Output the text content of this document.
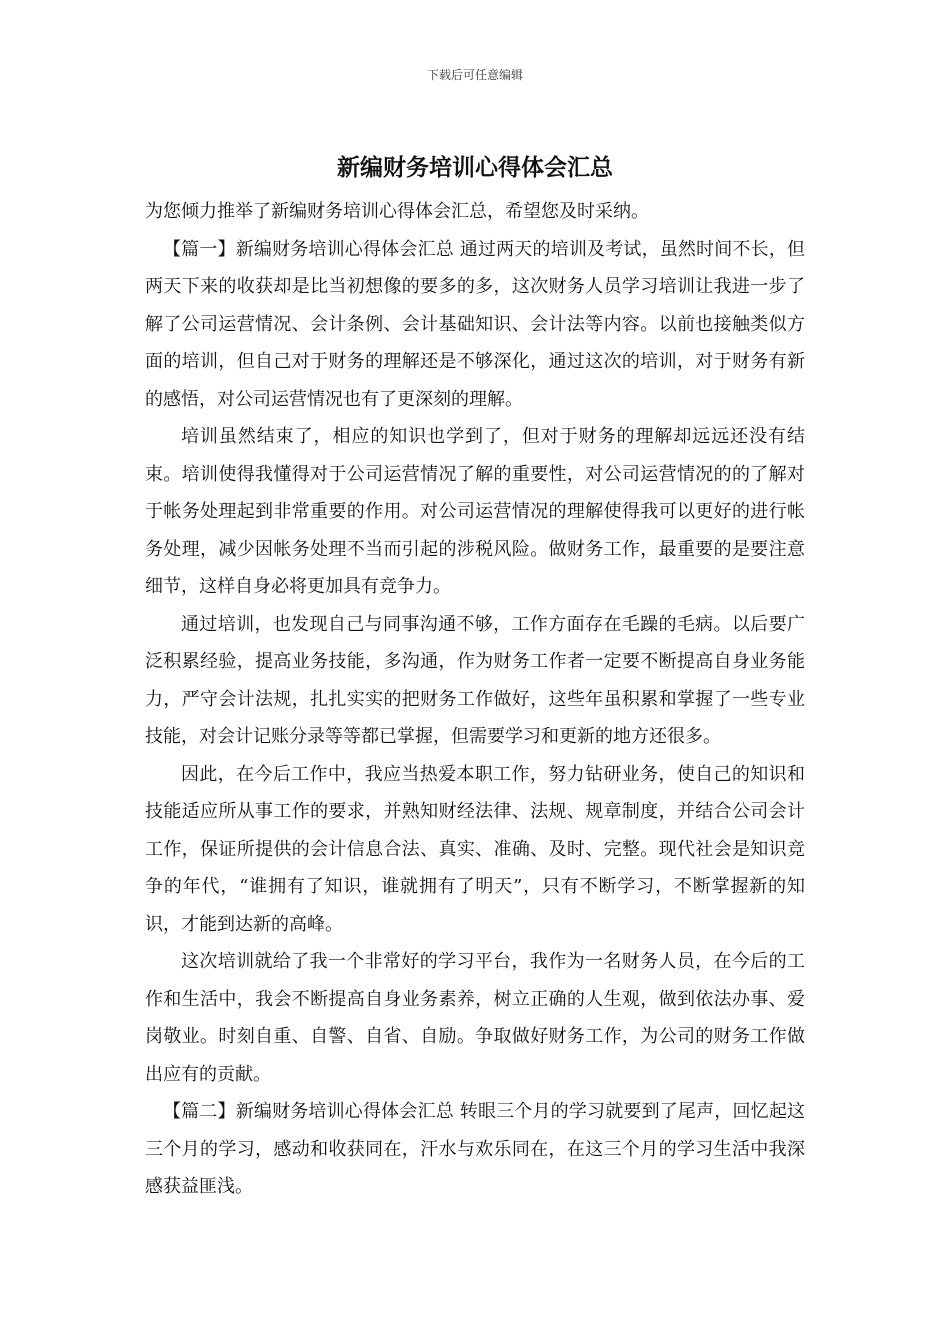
下载后可任意编辑
新编财务培训心得体会汇总

为您倾力推举了新编财务培训心得体会汇总，希望您及时采纳。

【篇一】新编财务培训心得体会汇总 通过两天的培训及考试，虽然时间不长，但两天下来的收获却是比当初想像的要多的多，这次财务人员学习培训让我进一步了解了公司运营情况、会计条例、会计基础知识、会计法等内容。以前也接触类似方面的培训，但自己对于财务的理解还是不够深化，通过这次的培训，对于财务有新的感悟，对公司运营情况也有了更深刻的理解。

培训虽然结束了，相应的知识也学到了，但对于财务的理解却远远还没有结束。培训使得我懂得对于公司运营情况了解的重要性，对公司运营情况的的了解对于帐务处理起到非常重要的作用。对公司运营情况的理解使得我可以更好的进行帐务处理，减少因帐务处理不当而引起的涉税风险。做财务工作，最重要的是要注意细节，这样自身必将更加具有竞争力。

通过培训，也发现自己与同事沟通不够，工作方面存在毛躁的毛病。以后要广泛积累经验，提高业务技能，多沟通，作为财务工作者一定要不断提高自身业务能力，严守会计法规，扎扎实实的把财务工作做好，这些年虽积累和掌握了一些专业技能，对会计记账分录等等都已掌握，但需要学习和更新的地方还很多。

因此，在今后工作中，我应当热爱本职工作，努力钻研业务，使自己的知识和技能适应所从事工作的要求，并熟知财经法律、法规、规章制度，并结合公司会计工作，保证所提供的会计信息合法、真实、准确、及时、完整。现代社会是知识竞争的年代，“谁拥有了知识，谁就拥有了明天”，只有不断学习，不断掌握新的知识，才能到达新的高峰。

这次培训就给了我一个非常好的学习平台，我作为一名财务人员，在今后的工作和生活中，我会不断提高自身业务素养，树立正确的人生观，做到依法办事、爱岗敬业。时刻自重、自警、自省、自励。争取做好财务工作，为公司的财务工作做出应有的贡献。

【篇二】新编财务培训心得体会汇总 转眼三个月的学习就要到了尾声，回忆起这三个月的学习，感动和收获同在，汗水与欢乐同在，在这三个月的学习生活中我深感获益匪浅。
